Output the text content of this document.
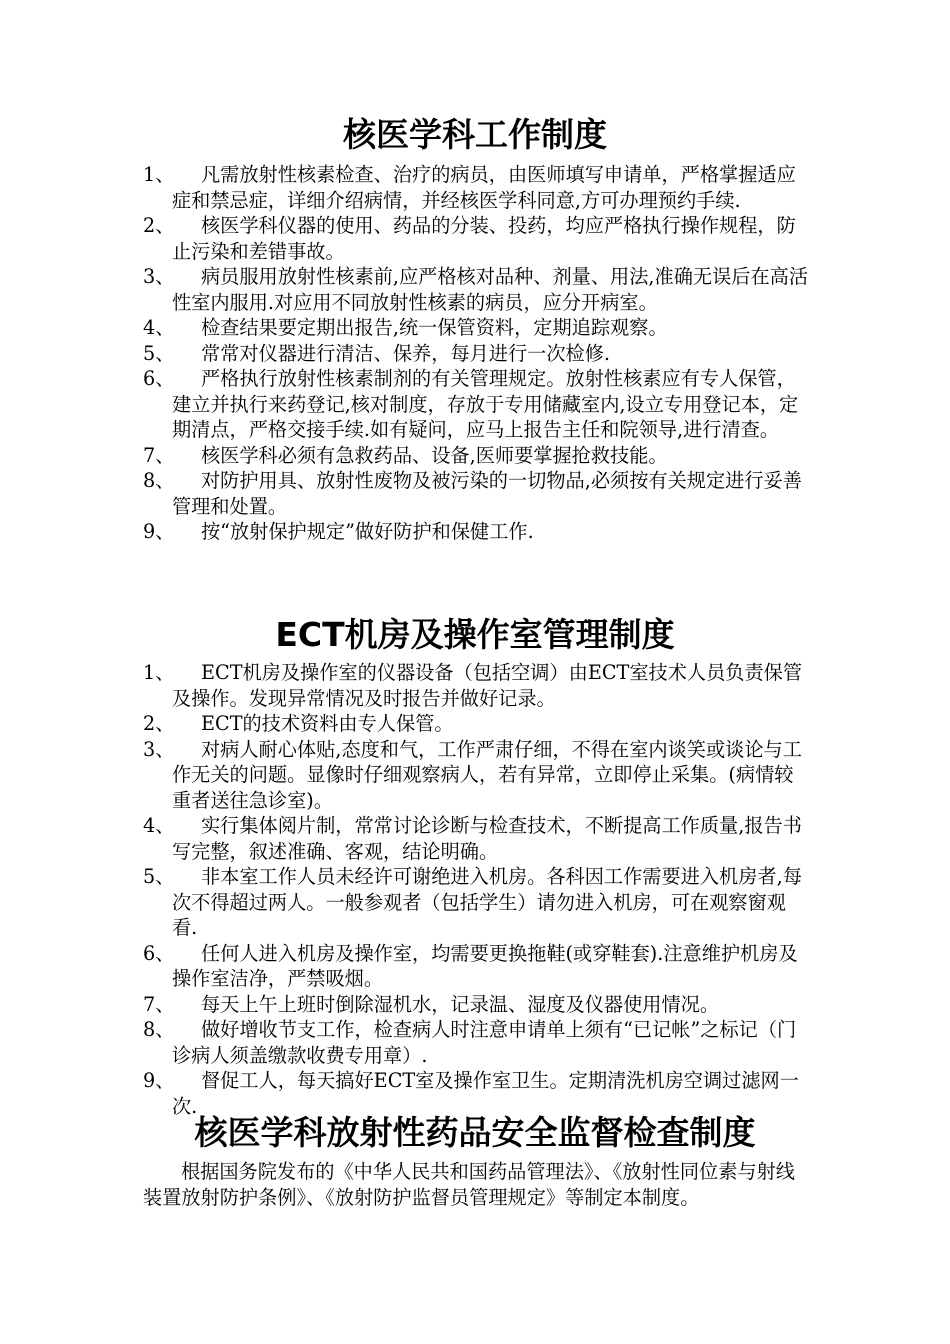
核医学科工作制度
1、	凡需放射性核素检查、治疗的病员，由医师填写申请单，严格掌握适应症和禁忌症，详细介绍病情，并经核医学科同意,方可办理预约手续.
2、	核医学科仪器的使用、药品的分装、投药，均应严格执行操作规程，防止污染和差错事故。
3、	病员服用放射性核素前,应严格核对品种、剂量、用法,准确无误后在高活性室内服用.对应用不同放射性核素的病员，应分开病室。
4、	检查结果要定期出报告,统一保管资料，定期追踪观察。
5、	常常对仪器进行清洁、保养，每月进行一次检修.
6、	严格执行放射性核素制剂的有关管理规定。放射性核素应有专人保管，建立并执行来药登记,核对制度，存放于专用储藏室内,设立专用登记本，定期清点，严格交接手续.如有疑问，应马上报告主任和院领导,进行清查。
7、	核医学科必须有急救药品、设备,医师要掌握抢救技能。
8、	对防护用具、放射性废物及被污染的一切物品,必须按有关规定进行妥善管理和处置。
9、	按“放射保护规定”做好防护和保健工作.
ECT机房及操作室管理制度
1、	ECT机房及操作室的仪器设备（包括空调）由ECT室技术人员负责保管及操作。发现异常情况及时报告并做好记录。
2、	ECT的技术资料由专人保管。
3、	对病人耐心体贴,态度和气，工作严肃仔细，不得在室内谈笑或谈论与工作无关的问题。显像时仔细观察病人，若有异常，立即停止采集。(病情较重者送往急诊室)。
4、	实行集体阅片制，常常讨论诊断与检查技术，不断提高工作质量,报告书写完整，叙述准确、客观，结论明确。
5、	非本室工作人员未经许可谢绝进入机房。各科因工作需要进入机房者,每次不得超过两人。一般参观者（包括学生）请勿进入机房，可在观察窗观看.
6、	任何人进入机房及操作室，均需要更换拖鞋(或穿鞋套).注意维护机房及操作室洁净，严禁吸烟。
7、	每天上午上班时倒除湿机水，记录温、湿度及仪器使用情况。
8、	做好增收节支工作，检查病人时注意申请单上须有“已记帐”之标记（门诊病人须盖缴款收费专用章）.
9、	督促工人，每天搞好ECT室及操作室卫生。定期清洗机房空调过滤网一次.
核医学科放射性药品安全监督检查制度

根据国务院发布的《中华人民共和国药品管理法》、《放射性同位素与射线装置放射防护条例》、《放射防护监督员管理规定》等制定本制度。
